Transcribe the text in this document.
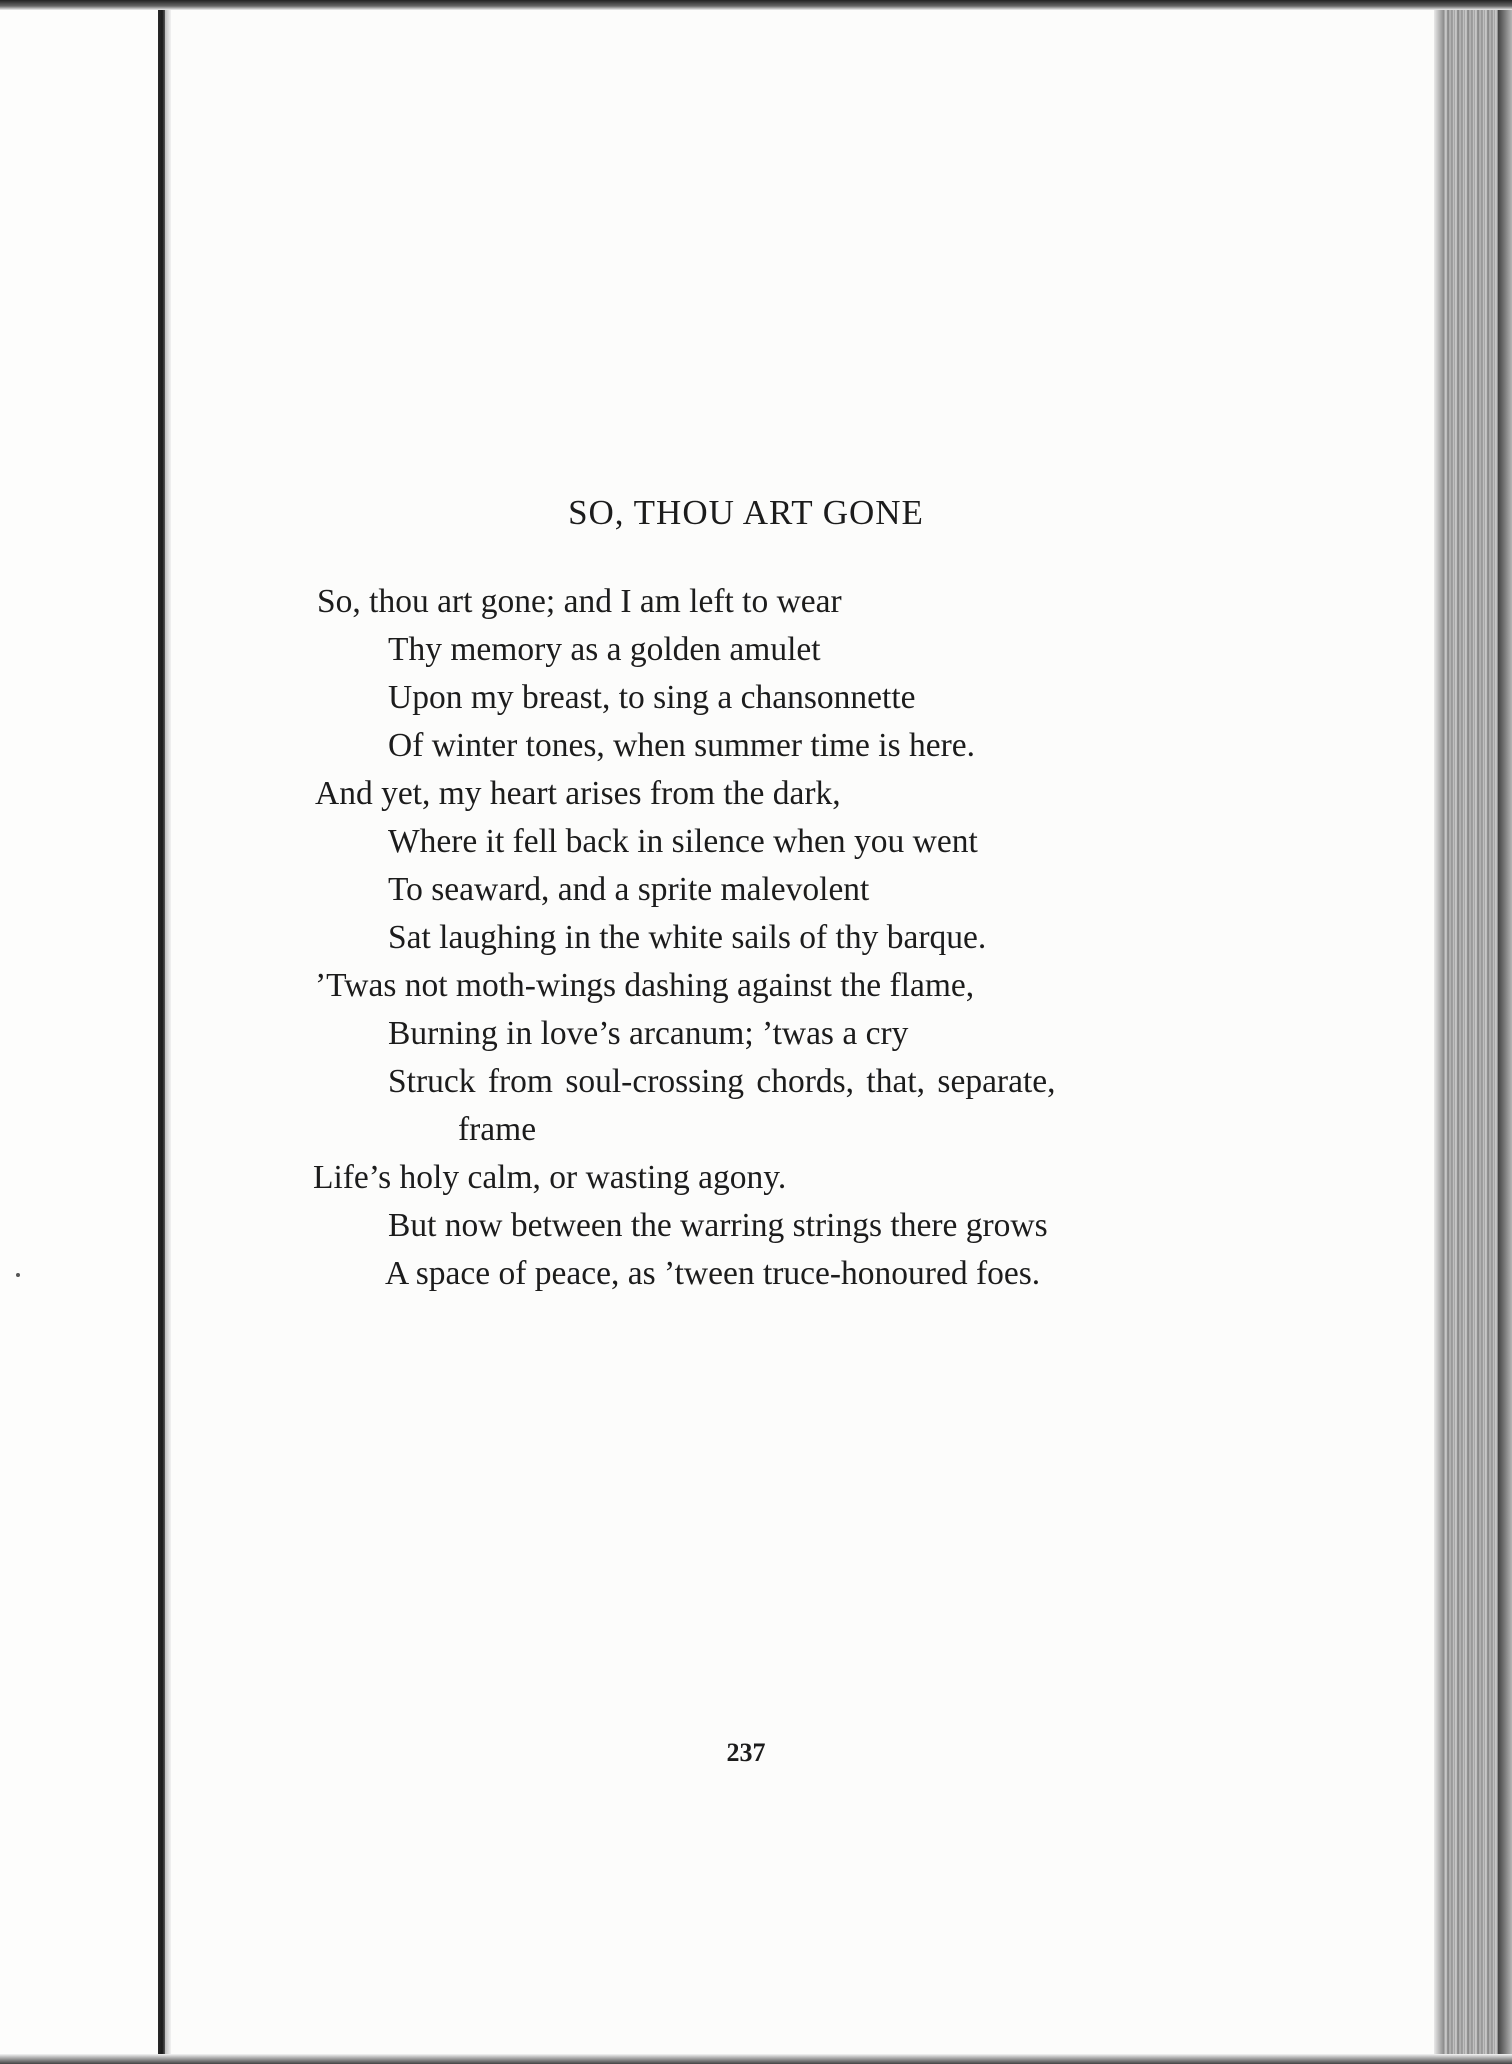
SO, THOU ART GONE
So, thou art gone; and I am left to wear
Thy memory as a golden amulet
Upon my breast, to sing a chansonnette
Of winter tones, when summer time is here.
And yet, my heart arises from the dark,
Where it fell back in silence when you went
To seaward, and a sprite malevolent
Sat laughing in the white sails of thy barque.
’Twas not moth-wings dashing against the flame,
Burning in love’s arcanum; ’twas a cry
Struck from soul-crossing chords, that, separate,
frame
Life’s holy calm, or wasting agony.
But now between the warring strings there grows
A space of peace, as ’tween truce-honoured foes.
237
